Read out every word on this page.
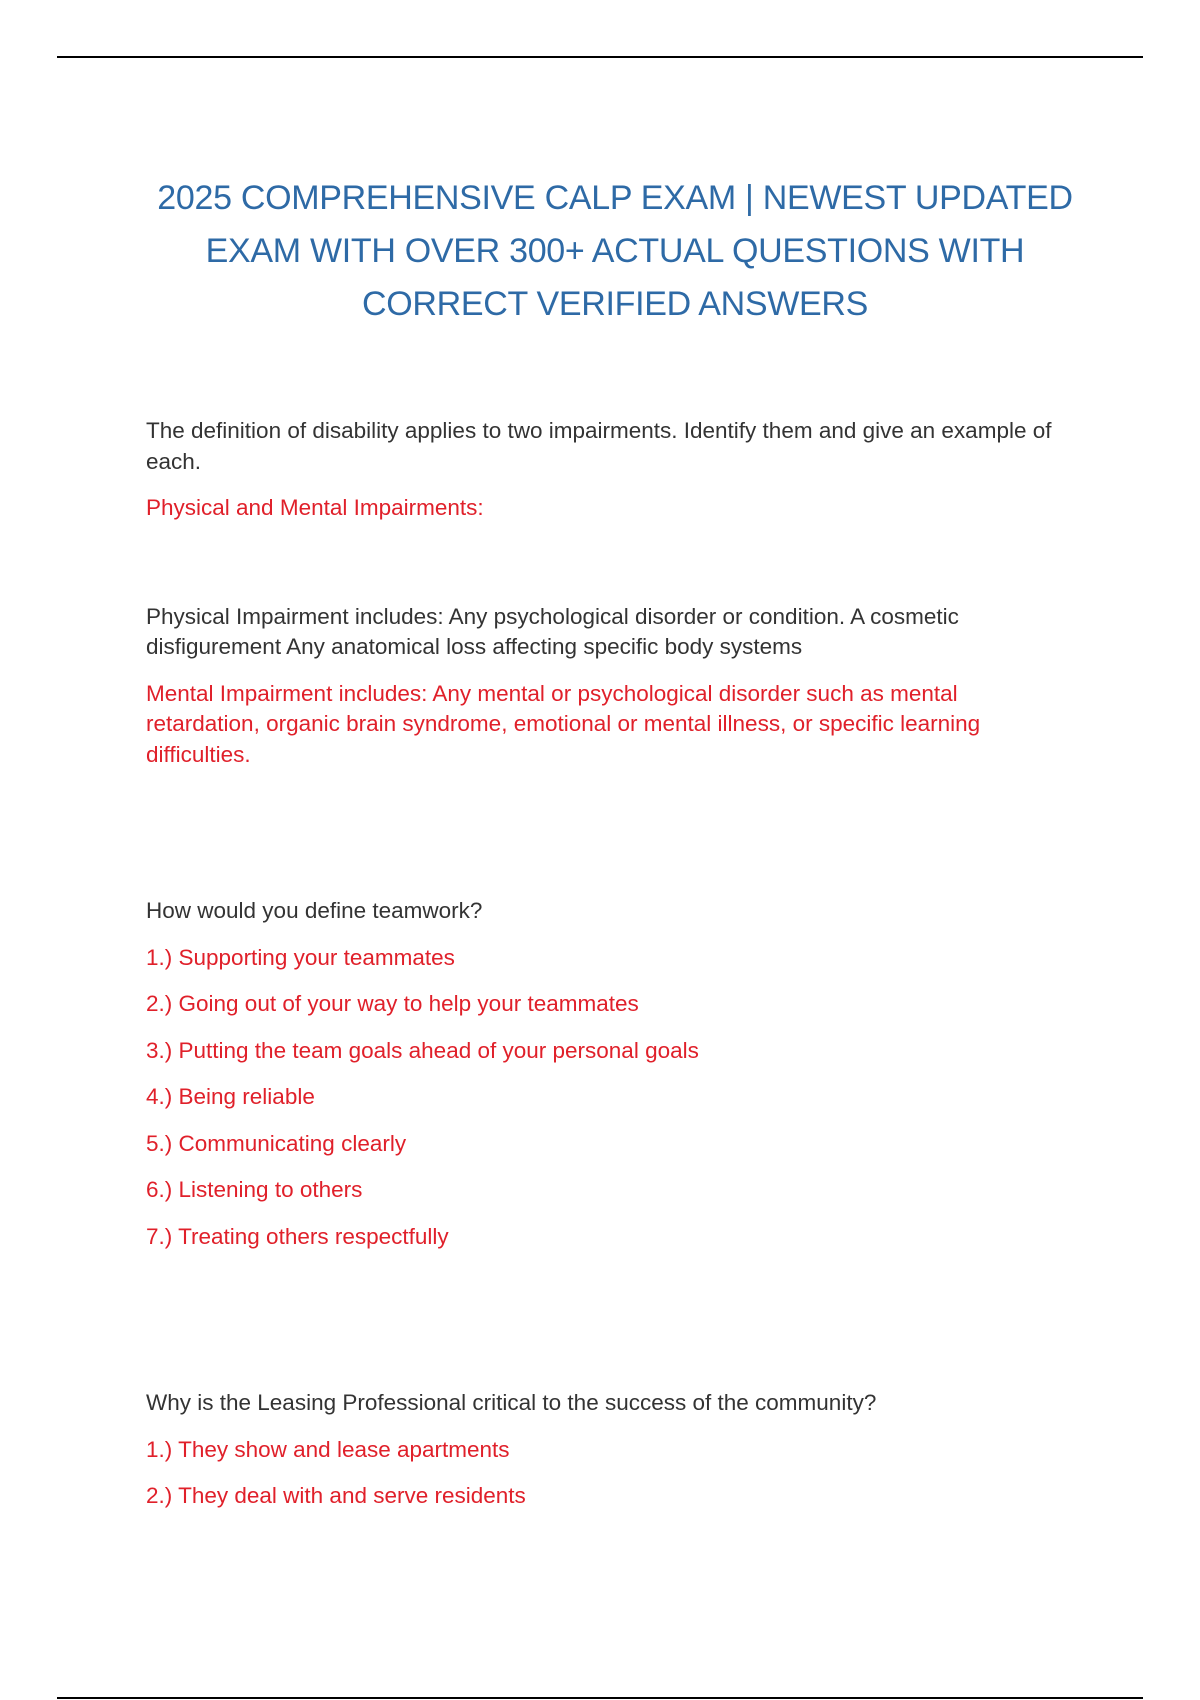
2025 COMPREHENSIVE CALP EXAM | NEWEST UPDATED EXAM WITH OVER 300+ ACTUAL QUESTIONS WITH CORRECT VERIFIED ANSWERS

The definition of disability applies to two impairments. Identify them and give an example of each.

Physical and Mental Impairments:

Physical Impairment includes: Any psychological disorder or condition. A cosmetic disfigurement Any anatomical loss affecting specific body systems

Mental Impairment includes: Any mental or psychological disorder such as mental retardation, organic brain syndrome, emotional or mental illness, or specific learning difficulties.

How would you define teamwork?

1.) Supporting your teammates

2.) Going out of your way to help your teammates

3.) Putting the team goals ahead of your personal goals

4.) Being reliable

5.) Communicating clearly

6.) Listening to others

7.) Treating others respectfully

Why is the Leasing Professional critical to the success of the community?

1.) They show and lease apartments

2.) They deal with and serve residents
